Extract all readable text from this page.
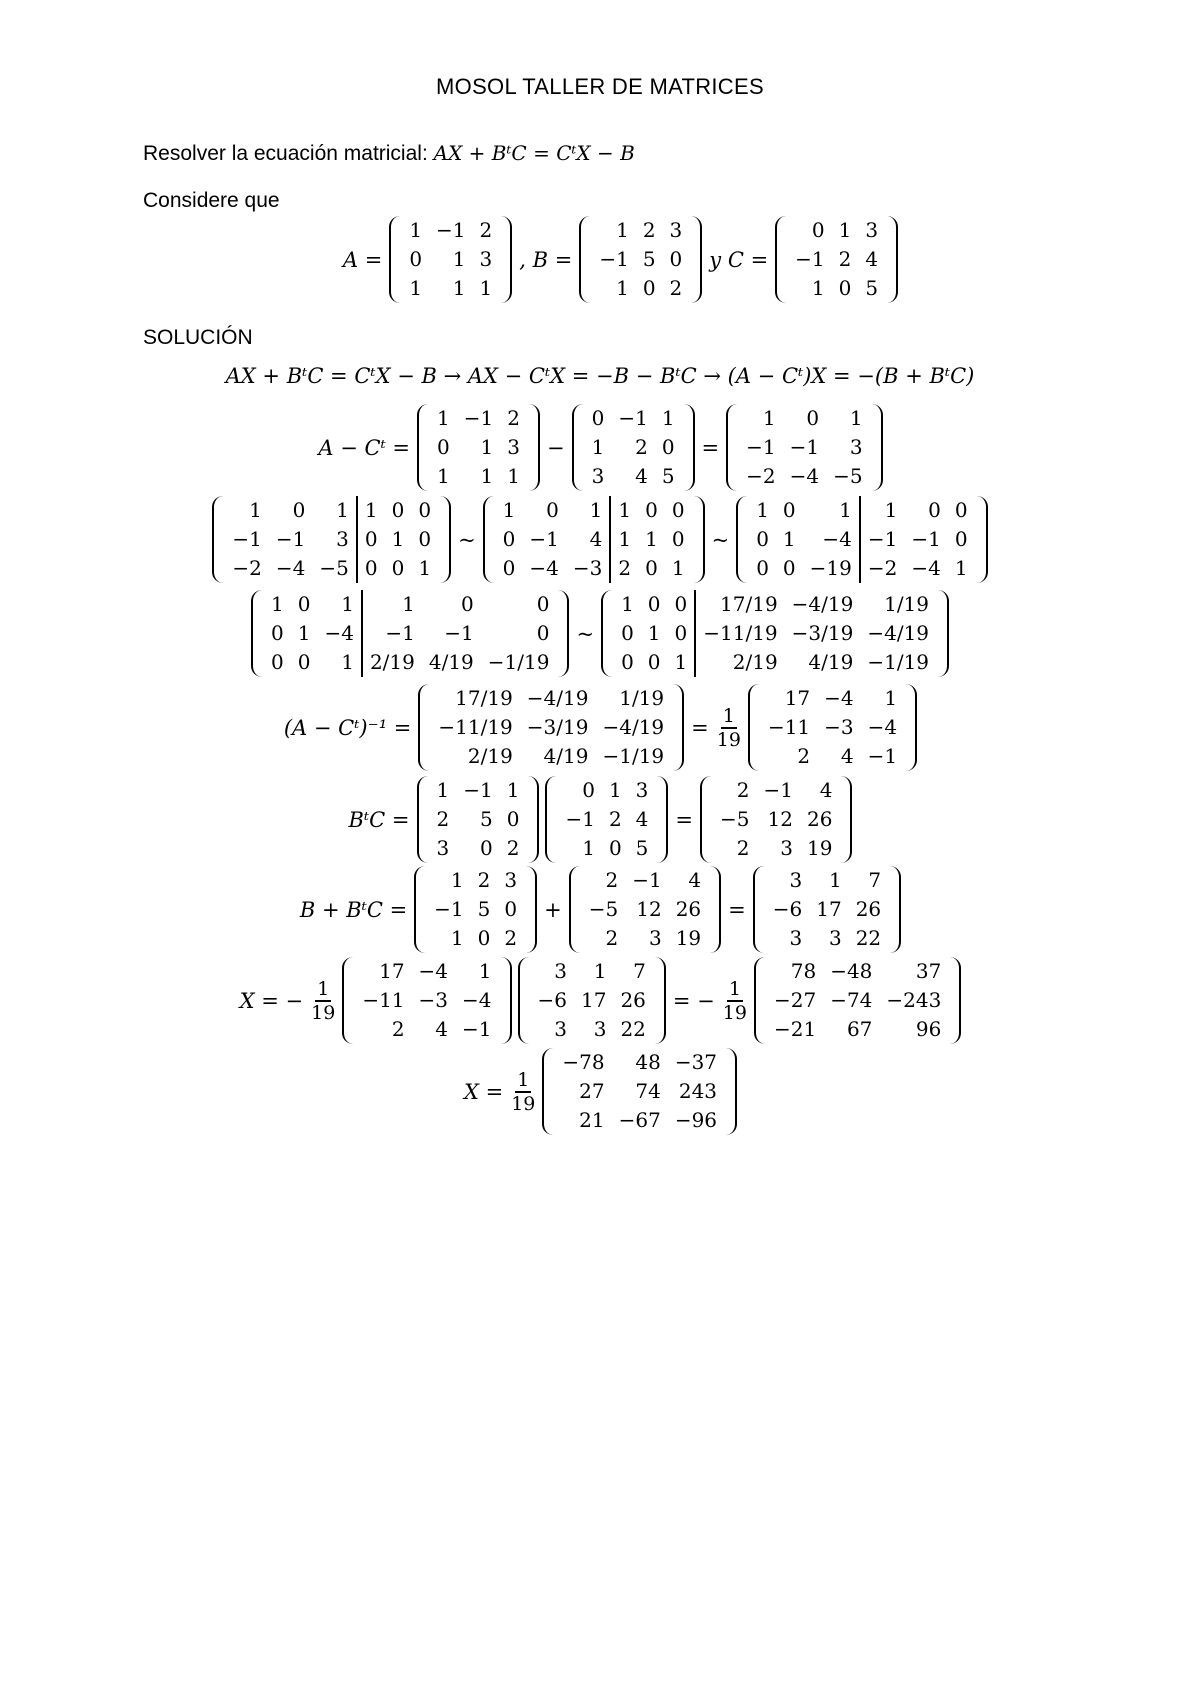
MOSOL TALLER DE MATRICES
Resolver la ecuación matricial: AX + BᵗC = CᵗX − B
Considere que
A =
1	−1	2
0	1	3
1	1	1
, B =
1	2	3
−1	5	0
1	0	2
y C =
0	1	3
−1	2	4
1	0	5
SOLUCIÓN
AX + BᵗC = CᵗX − B → AX − CᵗX = −B − BᵗC → (A − Cᵗ)X = −(B + BᵗC)
A − Cᵗ =
1	−1	2
0	1	3
1	1	1
−
0	−1	1
1	2	0
3	4	5
=
1	0	1
−1	−1	3
−2	−4	−5
1	0	1	1	0	0
−1	−1	3	0	1	0
−2	−4	−5	0	0	1
~
1	0	1	1	0	0
0	−1	4	1	1	0
0	−4	−3	2	0	1
~
1	0	1	1	0	0
0	1	−4	−1	−1	0
0	0	−19	−2	−4	1
1	0	1	1	0	0
0	1	−4	−1	−1	0
0	0	1	2/19	4/19	−1/19
~
1	0	0	17/19	−4/19	1/19
0	1	0	−11/19	−3/19	−4/19
0	0	1	2/19	4/19	−1/19
(A − Cᵗ)⁻¹ =
17/19	−4/19	1/19
−11/19	−3/19	−4/19
2/19	4/19	−1/19
= $\frac{1}{19}$
17	−4	1
−11	−3	−4
2	4	−1
BᵗC =
1	−1	1
2	5	0
3	0	2
0	1	3
−1	2	4
1	0	5
=
2	−1	4
−5	12	26
2	3	19
B + BᵗC =
1	2	3
−1	5	0
1	0	2
+
2	−1	4
−5	12	26
2	3	19
=
3	1	7
−6	17	26
3	3	22
X = − $\frac{1}{19}$
17	−4	1
−11	−3	−4
2	4	−1
3	1	7
−6	17	26
3	3	22
= − $\frac{1}{19}$
78	−48	37
−27	−74	−243
−21	67	96
$X = \frac{1}{19}$
−78	48	−37
27	74	243
21	−67	−96
